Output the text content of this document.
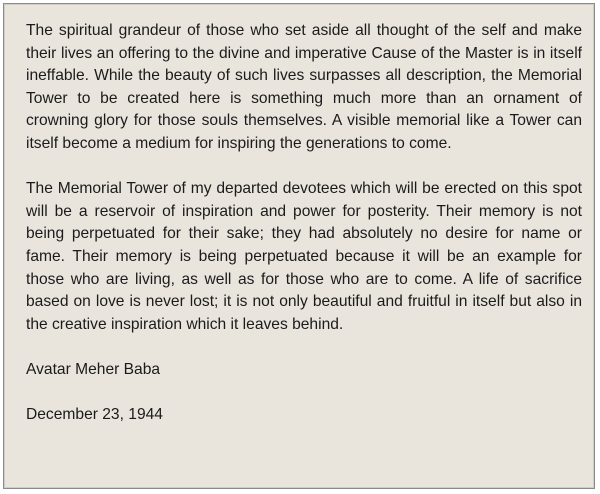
The spiritual grandeur of those who set aside all thought of the self and make their lives an offering to the divine and imperative Cause of the Master is in itself ineffable. While the beauty of such lives surpasses all description, the Memorial Tower to be created here is something much more than an ornament of crowning glory for those souls themselves. A visible memorial like a Tower can itself become a medium for inspiring the generations to come.

The Memorial Tower of my departed devotees which will be erected on this spot will be a reservoir of inspiration and power for posterity. Their memory is not being perpetuated for their sake; they had absolutely no desire for name or fame. Their memory is being perpetuated because it will be an example for those who are living, as well as for those who are to come. A life of sacrifice based on love is never lost; it is not only beautiful and fruitful in itself but also in the creative inspiration which it leaves behind.

Avatar Meher Baba

December 23, 1944
